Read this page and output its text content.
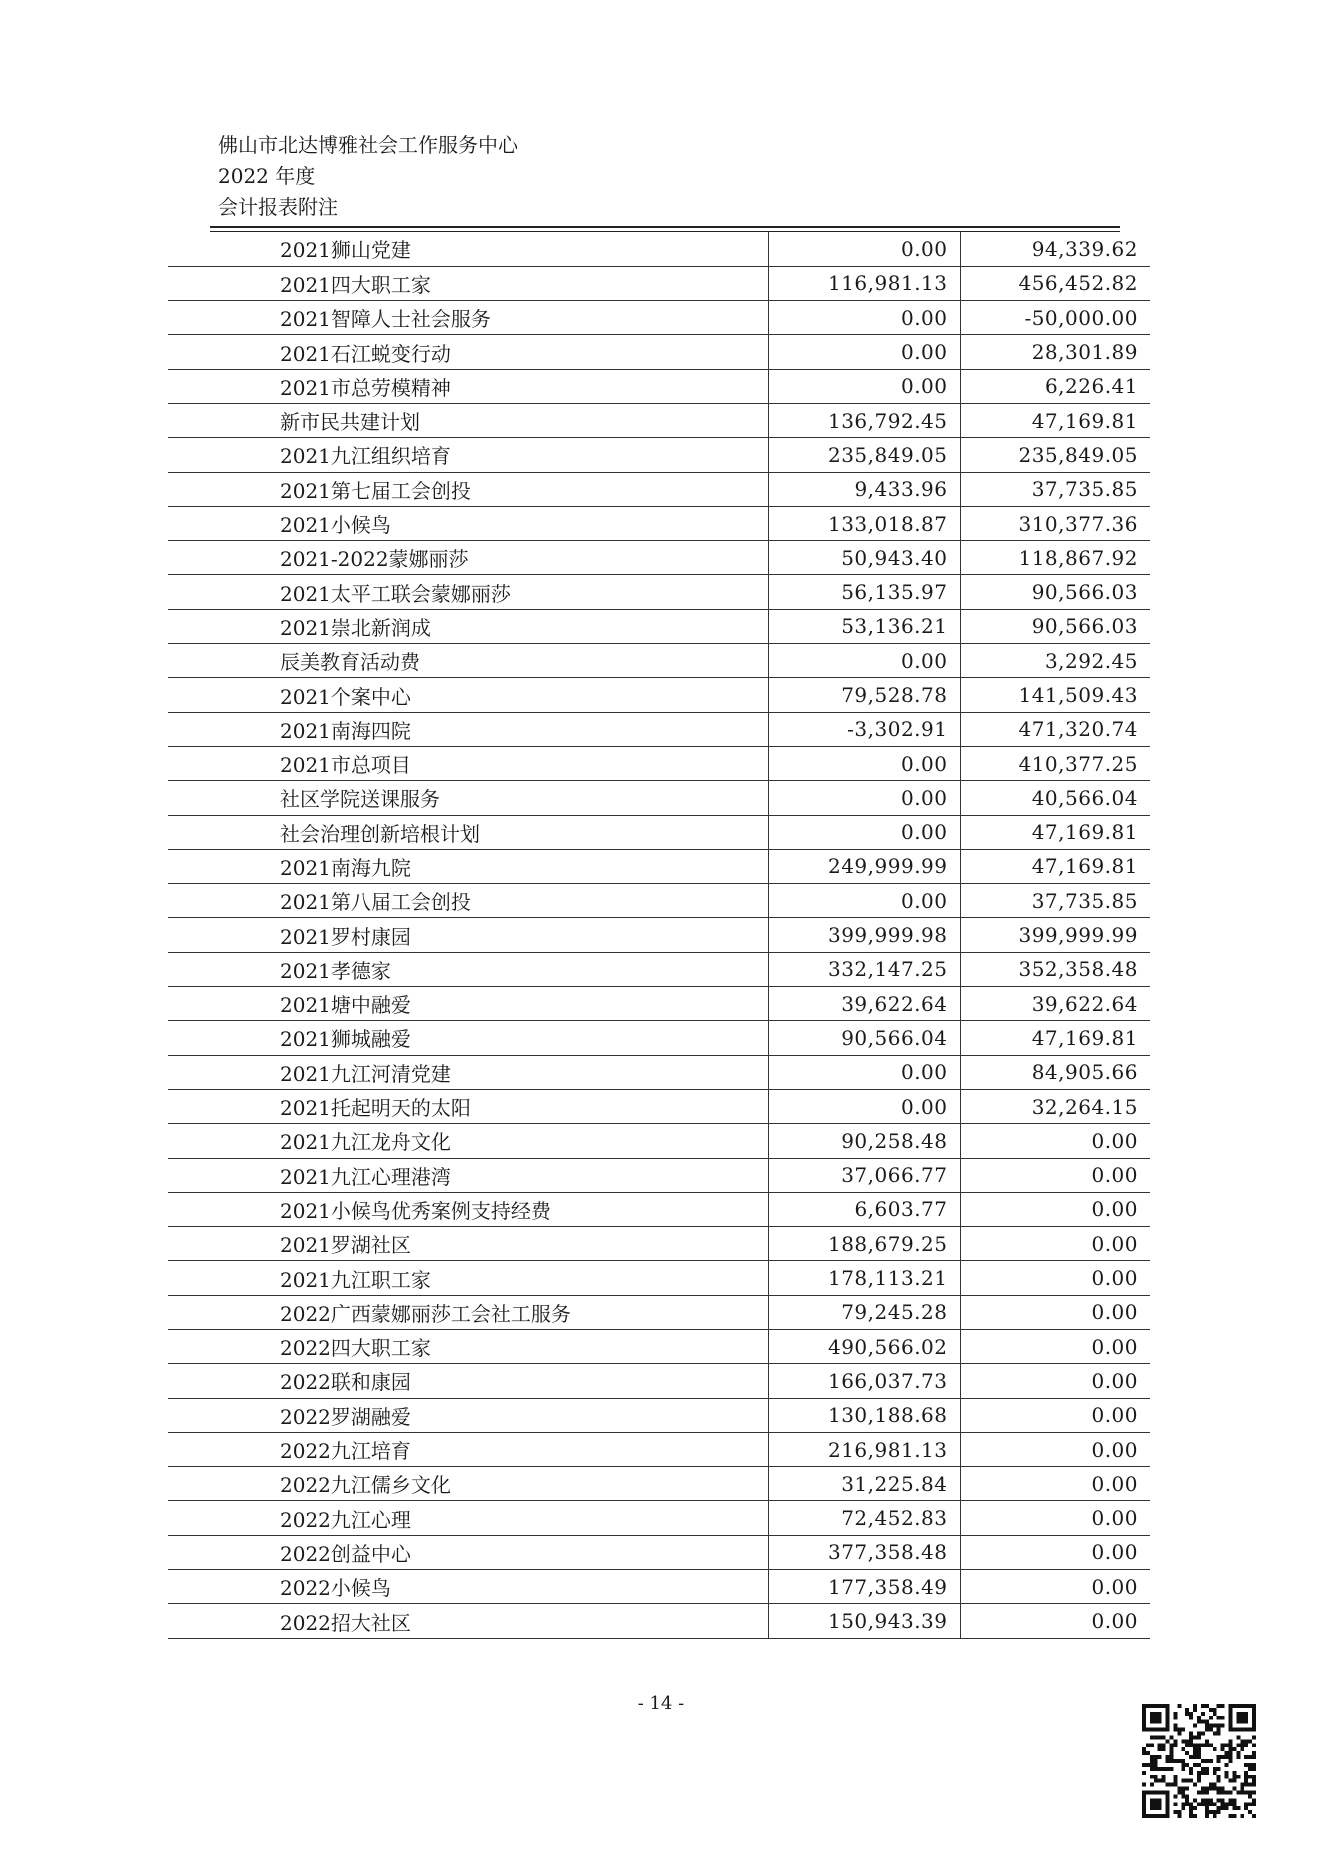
佛山市北达博雅社会工作服务中心
2022 年度
会计报表附注
2021狮山党建	0.00	94,339.62
2021四大职工家	116,981.13	456,452.82
2021智障人士社会服务	0.00	-50,000.00
2021石江蜕变行动	0.00	28,301.89
2021市总劳模精神	0.00	6,226.41
新市民共建计划	136,792.45	47,169.81
2021九江组织培育	235,849.05	235,849.05
2021第七届工会创投	9,433.96	37,735.85
2021小候鸟	133,018.87	310,377.36
2021-2022蒙娜丽莎	50,943.40	118,867.92
2021太平工联会蒙娜丽莎	56,135.97	90,566.03
2021崇北新润成	53,136.21	90,566.03
辰美教育活动费	0.00	3,292.45
2021个案中心	79,528.78	141,509.43
2021南海四院	-3,302.91	471,320.74
2021市总项目	0.00	410,377.25
社区学院送课服务	0.00	40,566.04
社会治理创新培根计划	0.00	47,169.81
2021南海九院	249,999.99	47,169.81
2021第八届工会创投	0.00	37,735.85
2021罗村康园	399,999.98	399,999.99
2021孝德家	332,147.25	352,358.48
2021塘中融爱	39,622.64	39,622.64
2021狮城融爱	90,566.04	47,169.81
2021九江河清党建	0.00	84,905.66
2021托起明天的太阳	0.00	32,264.15
2021九江龙舟文化	90,258.48	0.00
2021九江心理港湾	37,066.77	0.00
2021小候鸟优秀案例支持经费	6,603.77	0.00
2021罗湖社区	188,679.25	0.00
2021九江职工家	178,113.21	0.00
2022广西蒙娜丽莎工会社工服务	79,245.28	0.00
2022四大职工家	490,566.02	0.00
2022联和康园	166,037.73	0.00
2022罗湖融爱	130,188.68	0.00
2022九江培育	216,981.13	0.00
2022九江儒乡文化	31,225.84	0.00
2022九江心理	72,452.83	0.00
2022创益中心	377,358.48	0.00
2022小候鸟	177,358.49	0.00
2022招大社区	150,943.39	0.00
- 14 -
